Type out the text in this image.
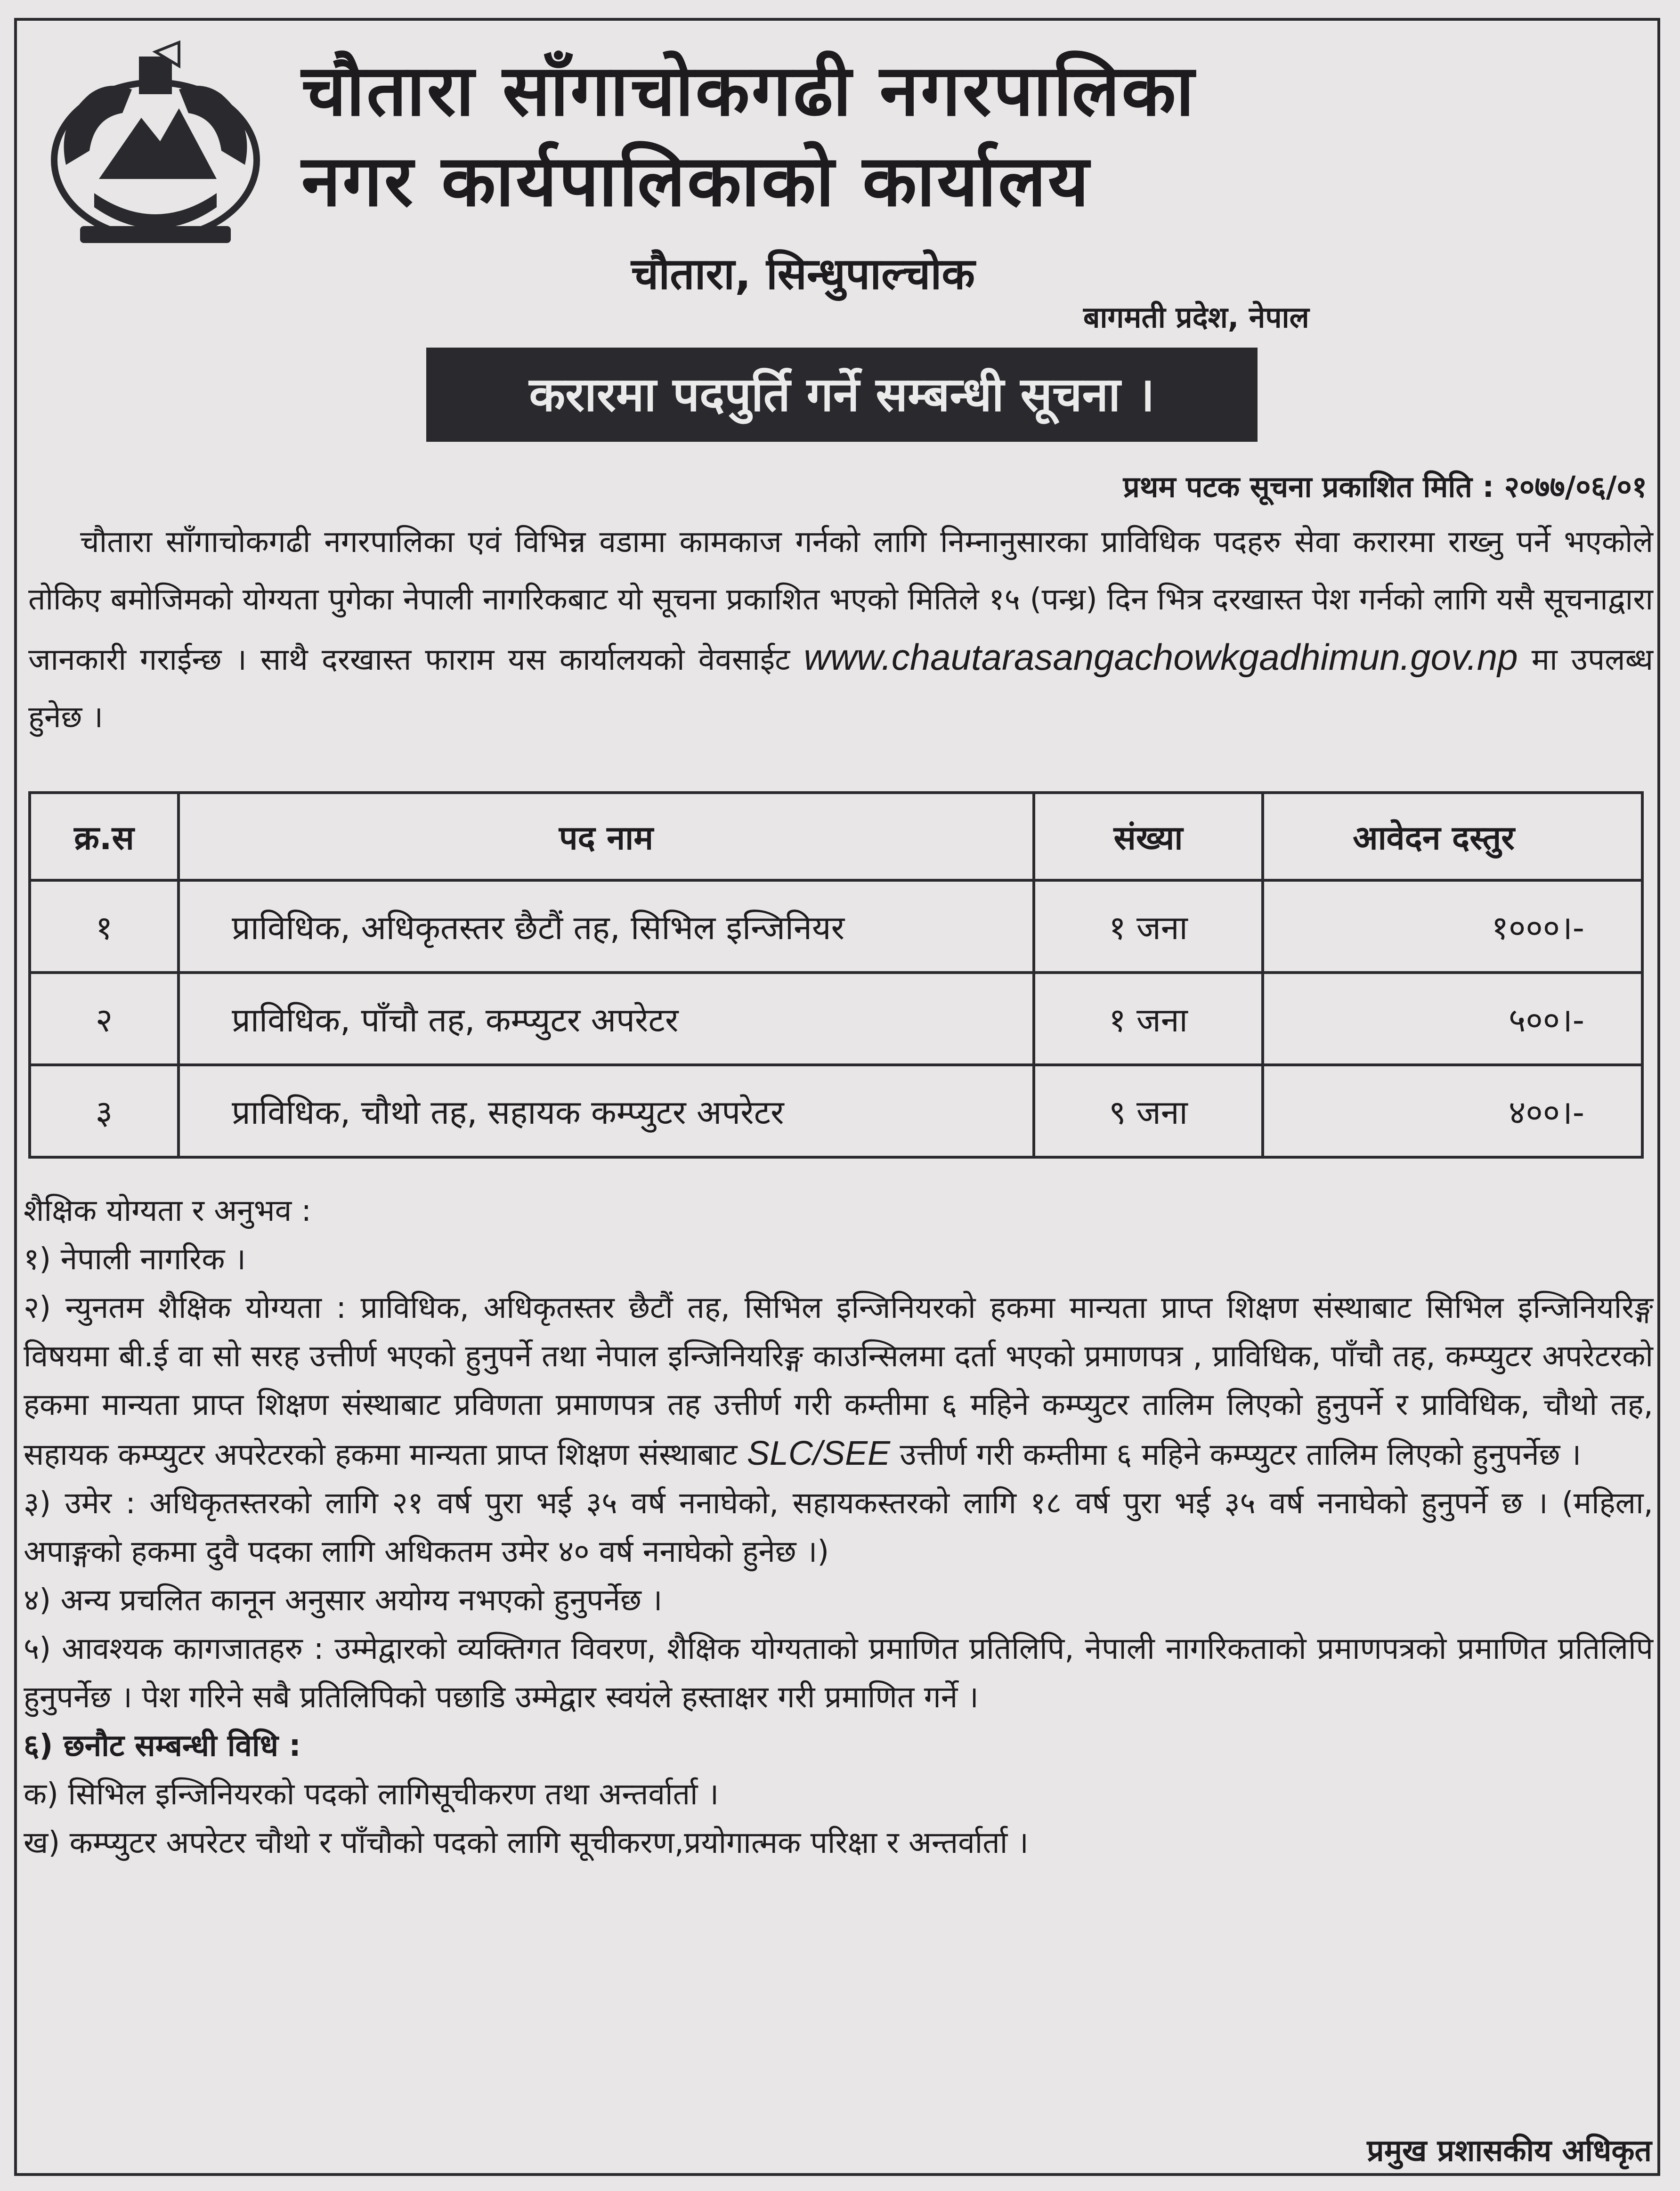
चौतारा साँगाचोकगढी नगरपालिका
नगर कार्यपालिकाको कार्यालय
चौतारा, सिन्धुपाल्चोक
बागमती प्रदेश, नेपाल
करारमा पदपुर्ति गर्ने सम्बन्धी सूचना ।
प्रथम पटक सूचना प्रकाशित मिति : २०७७/०६/०१
चौतारा साँगाचोकगढी नगरपालिका एवं विभिन्न वडामा कामकाज गर्नको लागि निम्नानुसारका प्राविधिक पदहरु सेवा करारमा राख्नु पर्ने भएकोले तोकिए बमोजिमको योग्यता पुगेका नेपाली नागरिकबाट यो सूचना प्रकाशित भएको मितिले १५ (पन्ध्र) दिन भित्र दरखास्त पेश गर्नको लागि यसै सूचनाद्वारा जानकारी गराईन्छ । साथै दरखास्त फाराम यस कार्यालयको वेवसाईट www.chautarasangachowkgadhimun.gov.np मा उपलब्ध हुनेछ ।
क्र.स	पद नाम	संख्या	आवेदन दस्तुर
१	प्राविधिक, अधिकृतस्तर छैटौं तह, सिभिल इन्जिनियर	१ जना	१०००।-
२	प्राविधिक, पाँचौ तह, कम्प्युटर अपरेटर	१ जना	५००।-
३	प्राविधिक, चौथो तह, सहायक कम्प्युटर अपरेटर	९ जना	४००।-

शैक्षिक योग्यता र अनुभव :

१) नेपाली नागरिक ।

२) न्युनतम शैक्षिक योग्यता : प्राविधिक, अधिकृतस्तर छैटौं तह, सिभिल इन्जिनियरको हकमा मान्यता प्राप्त शिक्षण संस्थाबाट सिभिल इन्जिनियरिङ्ग विषयमा बी.ई वा सो सरह उत्तीर्ण भएको हुनुपर्ने तथा नेपाल इन्जिनियरिङ्ग काउन्सिलमा दर्ता भएको प्रमाणपत्र , प्राविधिक, पाँचौ तह, कम्प्युटर अपरेटरको हकमा मान्यता प्राप्त शिक्षण संस्थाबाट प्रविणता प्रमाणपत्र तह उत्तीर्ण गरी कम्तीमा ६ महिने कम्प्युटर तालिम लिएको हुनुपर्ने र प्राविधिक, चौथो तह, सहायक कम्प्युटर अपरेटरको हकमा मान्यता प्राप्त शिक्षण संस्थाबाट SLC/SEE उत्तीर्ण गरी कम्तीमा ६ महिने कम्प्युटर तालिम लिएको हुनुपर्नेछ ।

३) उमेर : अधिकृतस्तरको लागि २१ वर्ष पुरा भई ३५ वर्ष ननाघेको, सहायकस्तरको लागि १८ वर्ष पुरा भई ३५ वर्ष ननाघेको हुनुपर्ने छ । (महिला, अपाङ्गको हकमा दुवै पदका लागि अधिकतम उमेर ४० वर्ष ननाघेको हुनेछ ।)

४) अन्य प्रचलित कानून अनुसार अयोग्य नभएको हुनुपर्नेछ ।

५) आवश्यक कागजातहरु : उम्मेद्वारको व्यक्तिगत विवरण, शैक्षिक योग्यताको प्रमाणित प्रतिलिपि, नेपाली नागरिकताको प्रमाणपत्रको प्रमाणित प्रतिलिपि हुनुपर्नेछ । पेश गरिने सबै प्रतिलिपिको पछाडि उम्मेद्वार स्वयंले हस्ताक्षर गरी प्रमाणित गर्ने ।

६) छनौट सम्बन्धी विधि :

क) सिभिल इन्जिनियरको पदको लागिसूचीकरण तथा अन्तर्वार्ता ।

ख) कम्प्युटर अपरेटर चौथो र पाँचौको पदको लागि सूचीकरण,प्रयोगात्मक परिक्षा र अन्तर्वार्ता ।

प्रमुख प्रशासकीय अधिकृत
